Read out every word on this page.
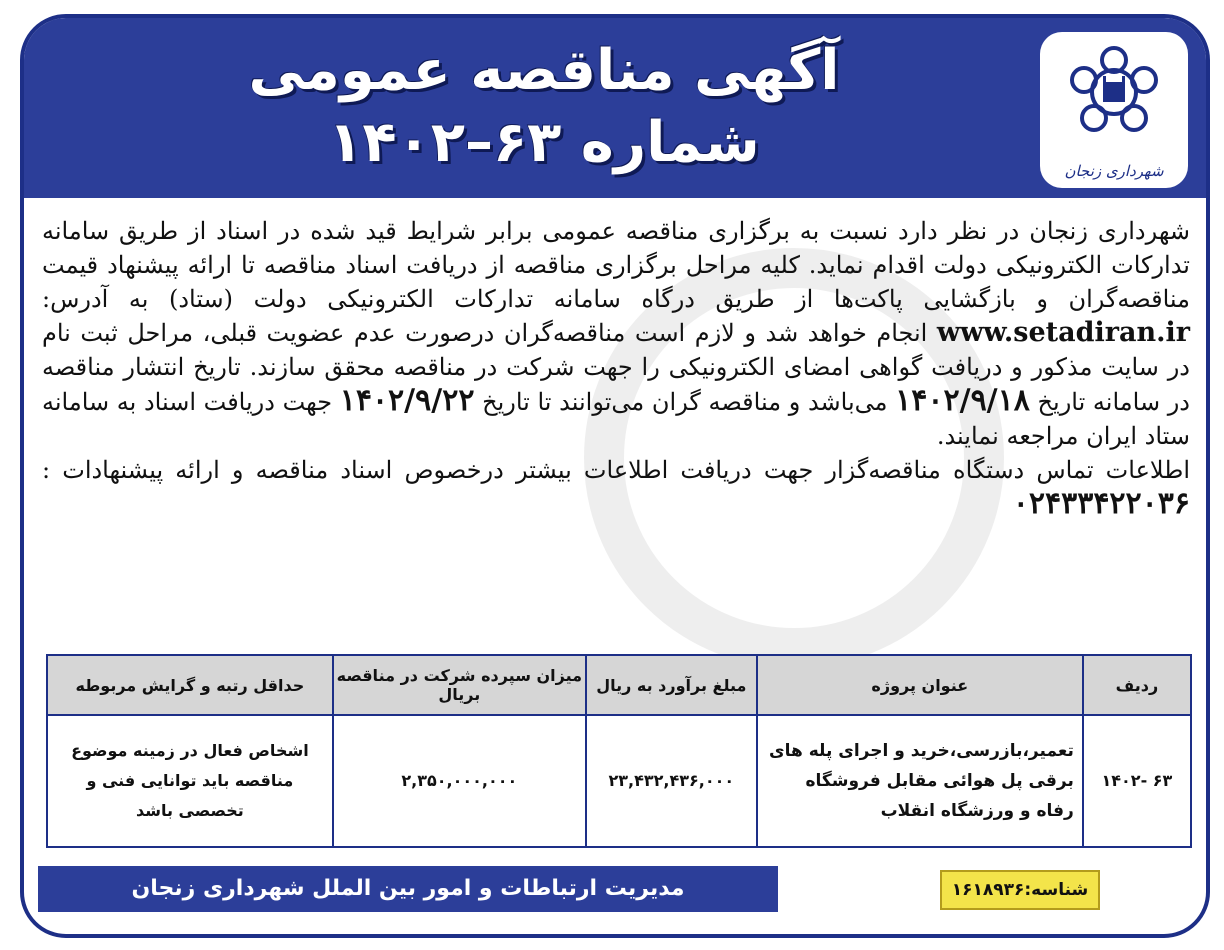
آگهی مناقصه عمومی
شماره ۶۳–۱۴۰۲	شهرداری زنجان

شهرداری زنجان در نظر دارد نسبت به برگزاری مناقصه عمومی برابر شرایط قید شده در اسناد از طریق سامانه تدارکات الکترونیکی دولت اقدام نماید. کلیه مراحل برگزاری مناقصه از دریافت اسناد مناقصه تا ارائه پیشنهاد قیمت مناقصه‌گران و بازگشایی پاکت‌ها از طریق درگاه سامانه تدارکات الکترونیکی دولت (ستاد) به آدرس: www.setadiran.ir انجام خواهد شد و لازم است مناقصه‌گران درصورت عدم عضویت قبلی، مراحل ثبت نام در سایت مذکور و دریافت گواهی امضای الکترونیکی را جهت شرکت در مناقصه محقق سازند. تاریخ انتشار مناقصه در سامانه تاریخ ۱۴۰۲/۹/۱۸ می‌باشد و مناقصه گران می‌توانند تا تاریخ ۱۴۰۲/۹/۲۲ جهت دریافت اسناد به سامانه ستاد ایران مراجعه نمایند.

اطلاعات تماس دستگاه مناقصه‌گزار جهت دریافت اطلاعات بیشتر درخصوص اسناد مناقصه و ارائه پیشنهادات : ۰۲۴۳۳۴۲۲۰۳۶

ردیف	عنوان پروژه	مبلغ برآورد به ریال	میزان سپرده شرکت در مناقصه بریال	حداقل رتبه و گرایش مربوطه
۶۳ -۱۴۰۲	تعمیر،بازرسی،خرید و اجرای پله های برقی پل هوائی مقابل فروشگاه رفاه و ورزشگاه انقلاب	۲۳,۴۳۲,۴۳۶,۰۰۰	۲,۳۵۰,۰۰۰,۰۰۰	اشخاص فعال در زمینه موضوع مناقصه باید توانایی فنی و تخصصی باشد
مدیریت ارتباطات و امور بین الملل شهرداری زنجان	شناسه:۱۶۱۸۹۳۶
